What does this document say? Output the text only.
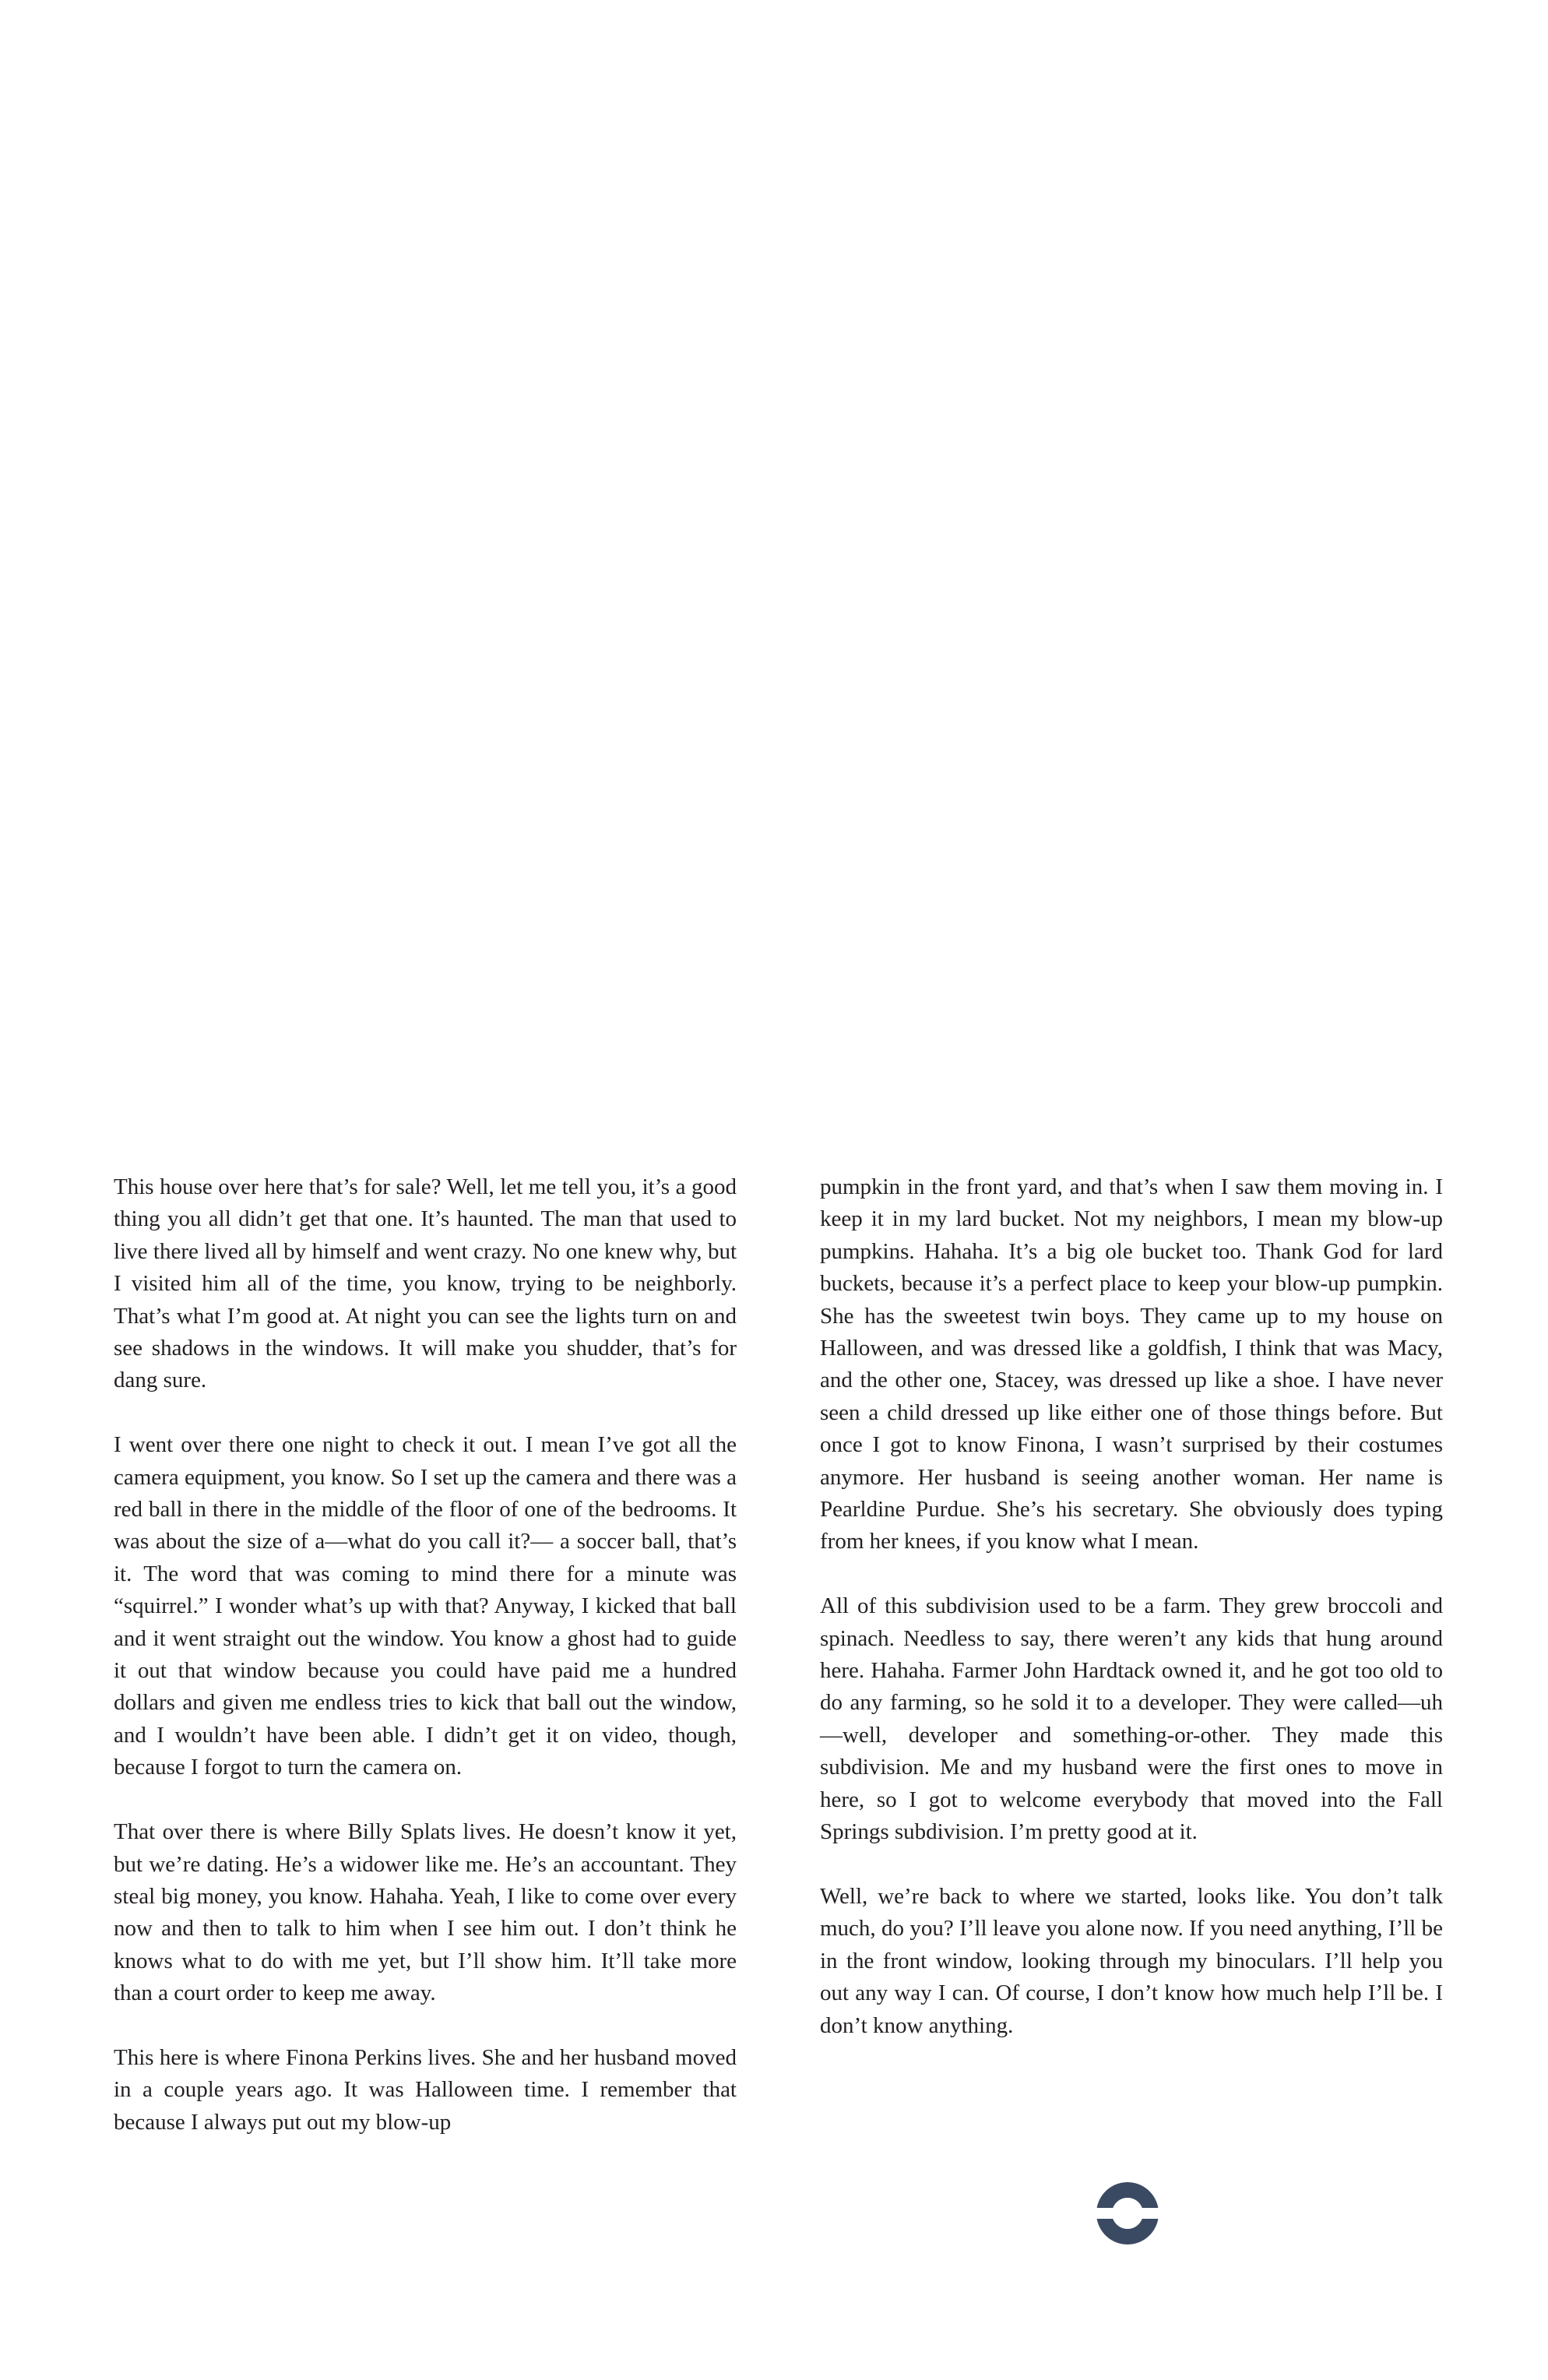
This house over here that’s for sale? Well, let me tell you, it’s a good thing you all didn’t get that one. It’s haunted. The man that used to live there lived all by himself and went crazy. No one knew why, but I visited him all of the time, you know, trying to be neighborly. That’s what I’m good at. At night you can see the lights turn on and see shadows in the windows. It will make you shudder, that’s for dang sure.

I went over there one night to check it out. I mean I’ve got all the camera equipment, you know. So I set up the camera and there was a red ball in there in the middle of the floor of one of the bedrooms. It was about the size of a—what do you call it?— a soccer ball, that’s it. The word that was coming to mind there for a minute was “squirrel.” I wonder what’s up with that? Anyway, I kicked that ball and it went straight out the window. You know a ghost had to guide it out that window because you could have paid me a hundred dollars and given me endless tries to kick that ball out the window, and I wouldn’t have been able. I didn’t get it on video, though, because I forgot to turn the camera on.

That over there is where Billy Splats lives. He doesn’t know it yet, but we’re dating. He’s a widower like me. He’s an accountant. They steal big money, you know. Hahaha. Yeah, I like to come over every now and then to talk to him when I see him out. I don’t think he knows what to do with me yet, but I’ll show him. It’ll take more than a court order to keep me away.

This here is where Finona Perkins lives. She and her husband moved in a couple years ago. It was Halloween time. I remember that because I always put out my blow-up

pumpkin in the front yard, and that’s when I saw them moving in. I keep it in my lard bucket. Not my neighbors, I mean my blow-up pumpkins. Hahaha. It’s a big ole bucket too. Thank God for lard buckets, because it’s a perfect place to keep your blow-up pumpkin. She has the sweetest twin boys. They came up to my house on Halloween, and was dressed like a goldfish, I think that was Macy, and the other one, Stacey, was dressed up like a shoe. I have never seen a child dressed up like either one of those things before. But once I got to know Finona, I wasn’t surprised by their costumes anymore. Her husband is seeing another woman. Her name is Pearldine Purdue. She’s his secretary. She obviously does typing from her knees, if you know what I mean.

All of this subdivision used to be a farm. They grew broccoli and spinach. Needless to say, there weren’t any kids that hung around here. Hahaha. Farmer John Hardtack owned it, and he got too old to do any farming, so he sold it to a developer. They were called—uh—well, developer and something-or-other. They made this subdivision. Me and my husband were the first ones to move in here, so I got to welcome everybody that moved into the Fall Springs subdivision. I’m pretty good at it.

Well, we’re back to where we started, looks like. You don’t talk much, do you? I’ll leave you alone now. If you need anything, I’ll be in the front window, looking through my binoculars. I’ll help you out any way I can. Of course, I don’t know how much help I’ll be. I don’t know anything.
